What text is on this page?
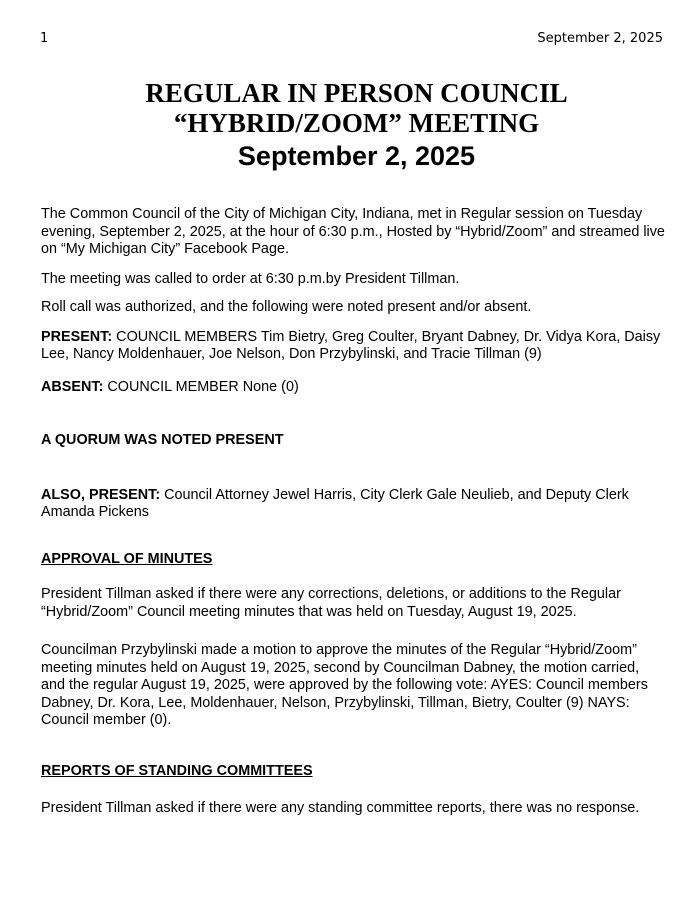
1	September 2, 2025
REGULAR IN PERSON COUNCIL
“HYBRID/ZOOM” MEETING
September 2, 2025

The Common Council of the City of Michigan City, Indiana, met in Regular session on Tuesday evening, September 2, 2025, at the hour of 6:30 p.m., Hosted by “Hybrid/Zoom” and streamed live on “My Michigan City” Facebook Page.

The meeting was called to order at 6:30 p.m.by President Tillman.

Roll call was authorized, and the following were noted present and/or absent.

PRESENT: COUNCIL MEMBERS Tim Bietry, Greg Coulter, Bryant Dabney, Dr. Vidya Kora, Daisy Lee, Nancy Moldenhauer, Joe Nelson, Don Przybylinski, and Tracie Tillman (9)

ABSENT: COUNCIL MEMBER None (0)

A QUORUM WAS NOTED PRESENT

ALSO, PRESENT: Council Attorney Jewel Harris, City Clerk Gale Neulieb, and Deputy Clerk Amanda Pickens

APPROVAL OF MINUTES

President Tillman asked if there were any corrections, deletions, or additions to the Regular “Hybrid/Zoom” Council meeting minutes that was held on Tuesday, August 19, 2025.

Councilman Przybylinski made a motion to approve the minutes of the Regular “Hybrid/Zoom” meeting minutes held on August 19, 2025, second by Councilman Dabney, the motion carried, and the regular August 19, 2025, were approved by the following vote: AYES: Council members Dabney, Dr. Kora, Lee, Moldenhauer, Nelson, Przybylinski, Tillman, Bietry, Coulter (9) NAYS: Council member (0).

REPORTS OF STANDING COMMITTEES

President Tillman asked if there were any standing committee reports, there was no response.
